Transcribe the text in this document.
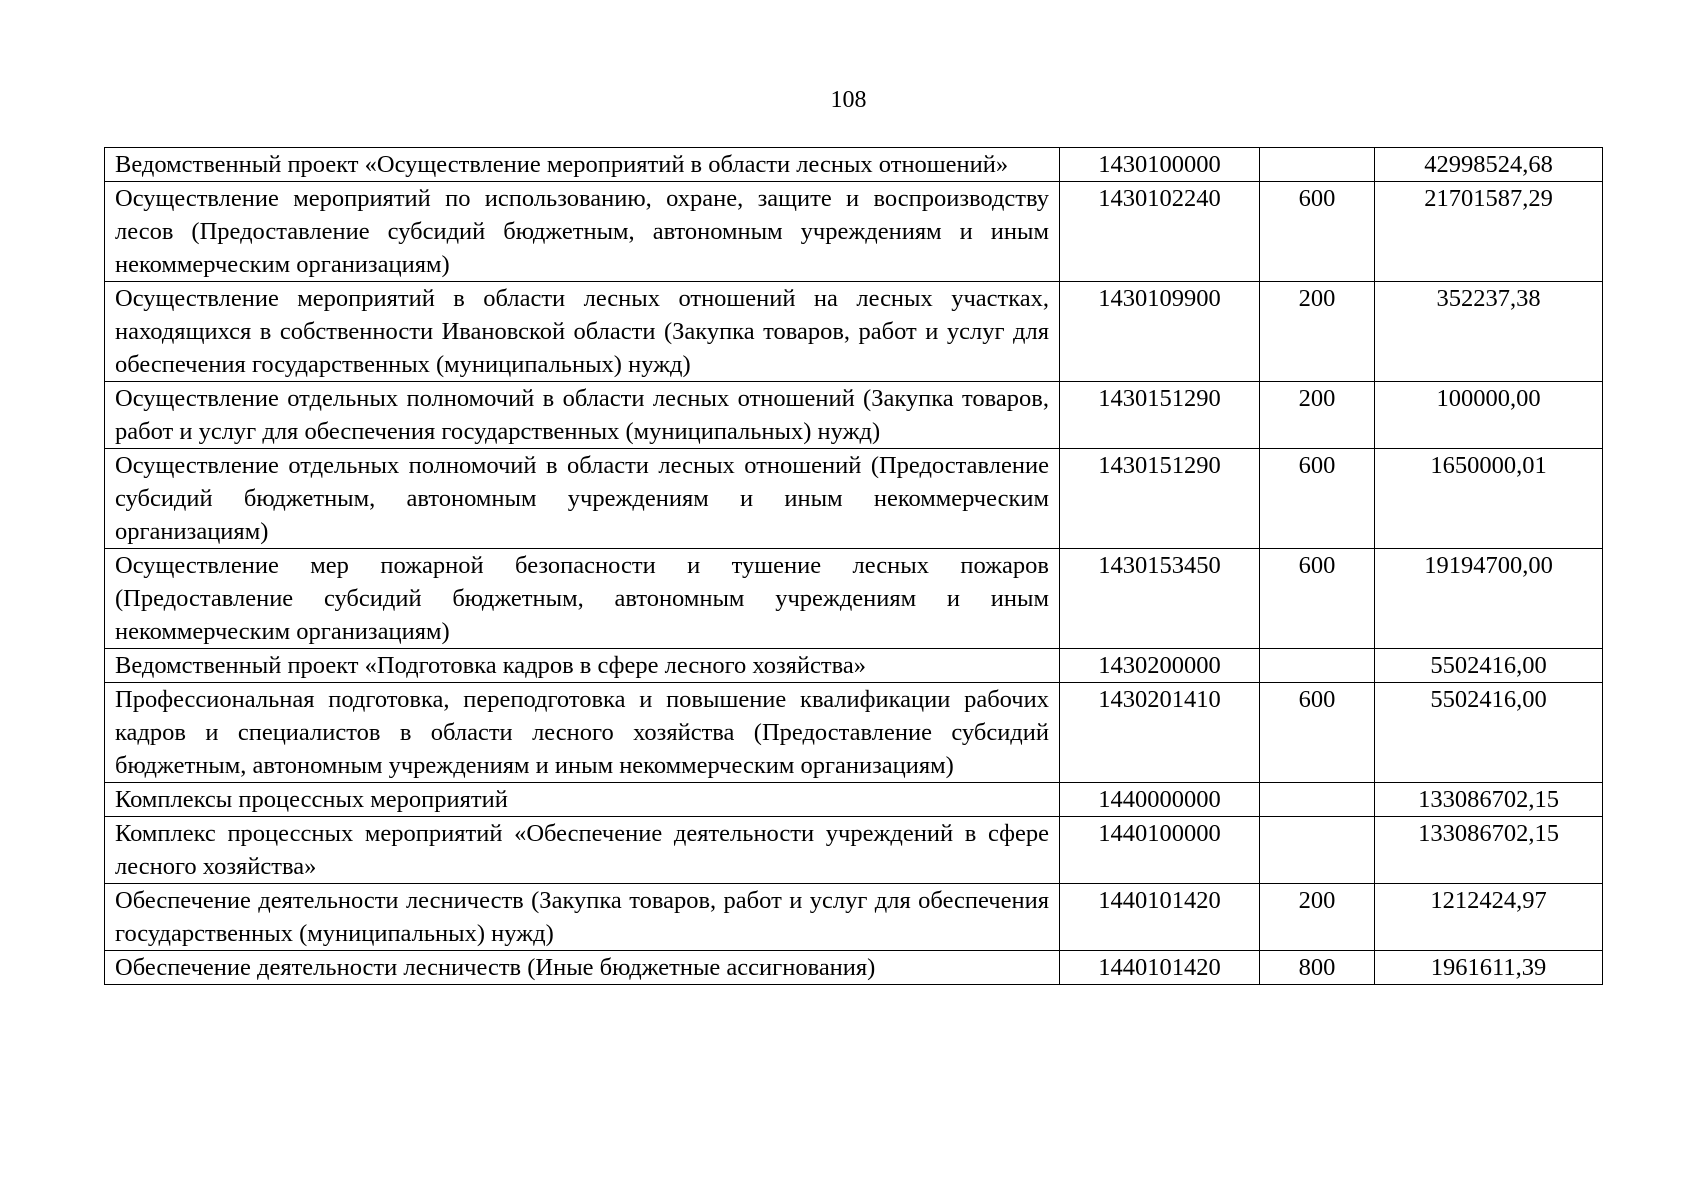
108
Ведомственный проект «Осуществление мероприятий в области лесных отношений»	1430100000		42998524,68
Осуществление мероприятий по использованию, охране, защите и воспроизводству лесов (Предоставление субсидий бюджетным, автономным учреждениям и иным некоммерческим организациям)	1430102240	600	21701587,29
Осуществление мероприятий в области лесных отношений на лесных участках, находящихся в собственности Ивановской области (Закупка товаров, работ и услуг для обеспечения государственных (муниципальных) нужд)	1430109900	200	352237,38
Осуществление отдельных полномочий в области лесных отношений (Закупка товаров, работ и услуг для обеспечения государственных (муниципальных) нужд)	1430151290	200	100000,00
Осуществление отдельных полномочий в области лесных отношений (Предоставление субсидий бюджетным, автономным учреждениям и иным некоммерческим организациям)	1430151290	600	1650000,01
Осуществление мер пожарной безопасности и тушение лесных пожаров (Предоставление субсидий бюджетным, автономным учреждениям и иным некоммерческим организациям)	1430153450	600	19194700,00
Ведомственный проект «Подготовка кадров в сфере лесного хозяйства»	1430200000		5502416,00
Профессиональная подготовка, переподготовка и повышение квалификации рабочих кадров и специалистов в области лесного хозяйства (Предоставление субсидий бюджетным, автономным учреждениям и иным некоммерческим организациям)	1430201410	600	5502416,00
Комплексы процессных мероприятий	1440000000		133086702,15
Комплекс процессных мероприятий «Обеспечение деятельности учреждений в сфере лесного хозяйства»	1440100000		133086702,15
Обеспечение деятельности лесничеств (Закупка товаров, работ и услуг для обеспечения государственных (муниципальных) нужд)	1440101420	200	1212424,97
Обеспечение деятельности лесничеств (Иные бюджетные ассигнования)	1440101420	800	1961611,39
